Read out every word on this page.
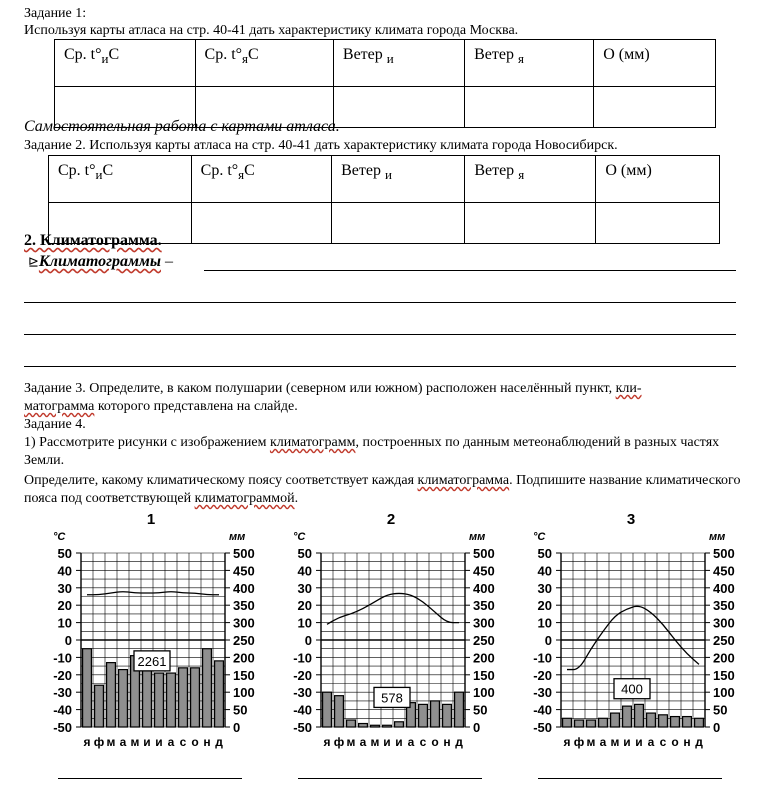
Задание 1:
Используя карты атласа на стр. 40-41 дать характеристику климата города Москва.
Ср. $t^\circ_иС$	Ср. $t^\circ_яС$	Ветер $_и$	Ветер $_я$	О (мм)

Самостоятельная работа с картами атласа.
Задание 2. Используя карты атласа на стр. 40-41 дать характеристику климата города Новосибирск.
Ср. $t^\circ_иС$	Ср. $t^\circ_яС$	Ветер $_и$	Ветер $_я$	О (мм)

2. Климатограмма.
⊵Климатограммы –
Задание 3. Определите, в каком полушарии (северном или южном) расположен населённый пункт, кли-
матограмма которого представлена на слайде.
Задание 4.
1) Рассмотрите рисунки с изображением климатограмм, построенных по данным метеонаблюдений в разных частях Земли.
Определите, какому климатическому поясу соответствует каждая климатограмма. Подпишите название климатического пояса под соответствующей климатограммой.
1
°С	мм
50
40
30
20
10
0
-10
-20
-30
-40
-50
500
450
400
350
300
250
200
150
100
50
0
2261
я ф м а м и и а с о н д
2
°С	мм
50
40
30
20
10
0
-10
-20
-30
-40
-50
500
450
400
350
300
250
200
150
100
50
0
578
я ф м а м и и а с о н д
3
°С	мм
50
40
30
20
10
0
-10
-20
-30
-40
-50
500
450
400
350
300
250
200
150
100
50
0
400
я ф м а м и и а с о н д
